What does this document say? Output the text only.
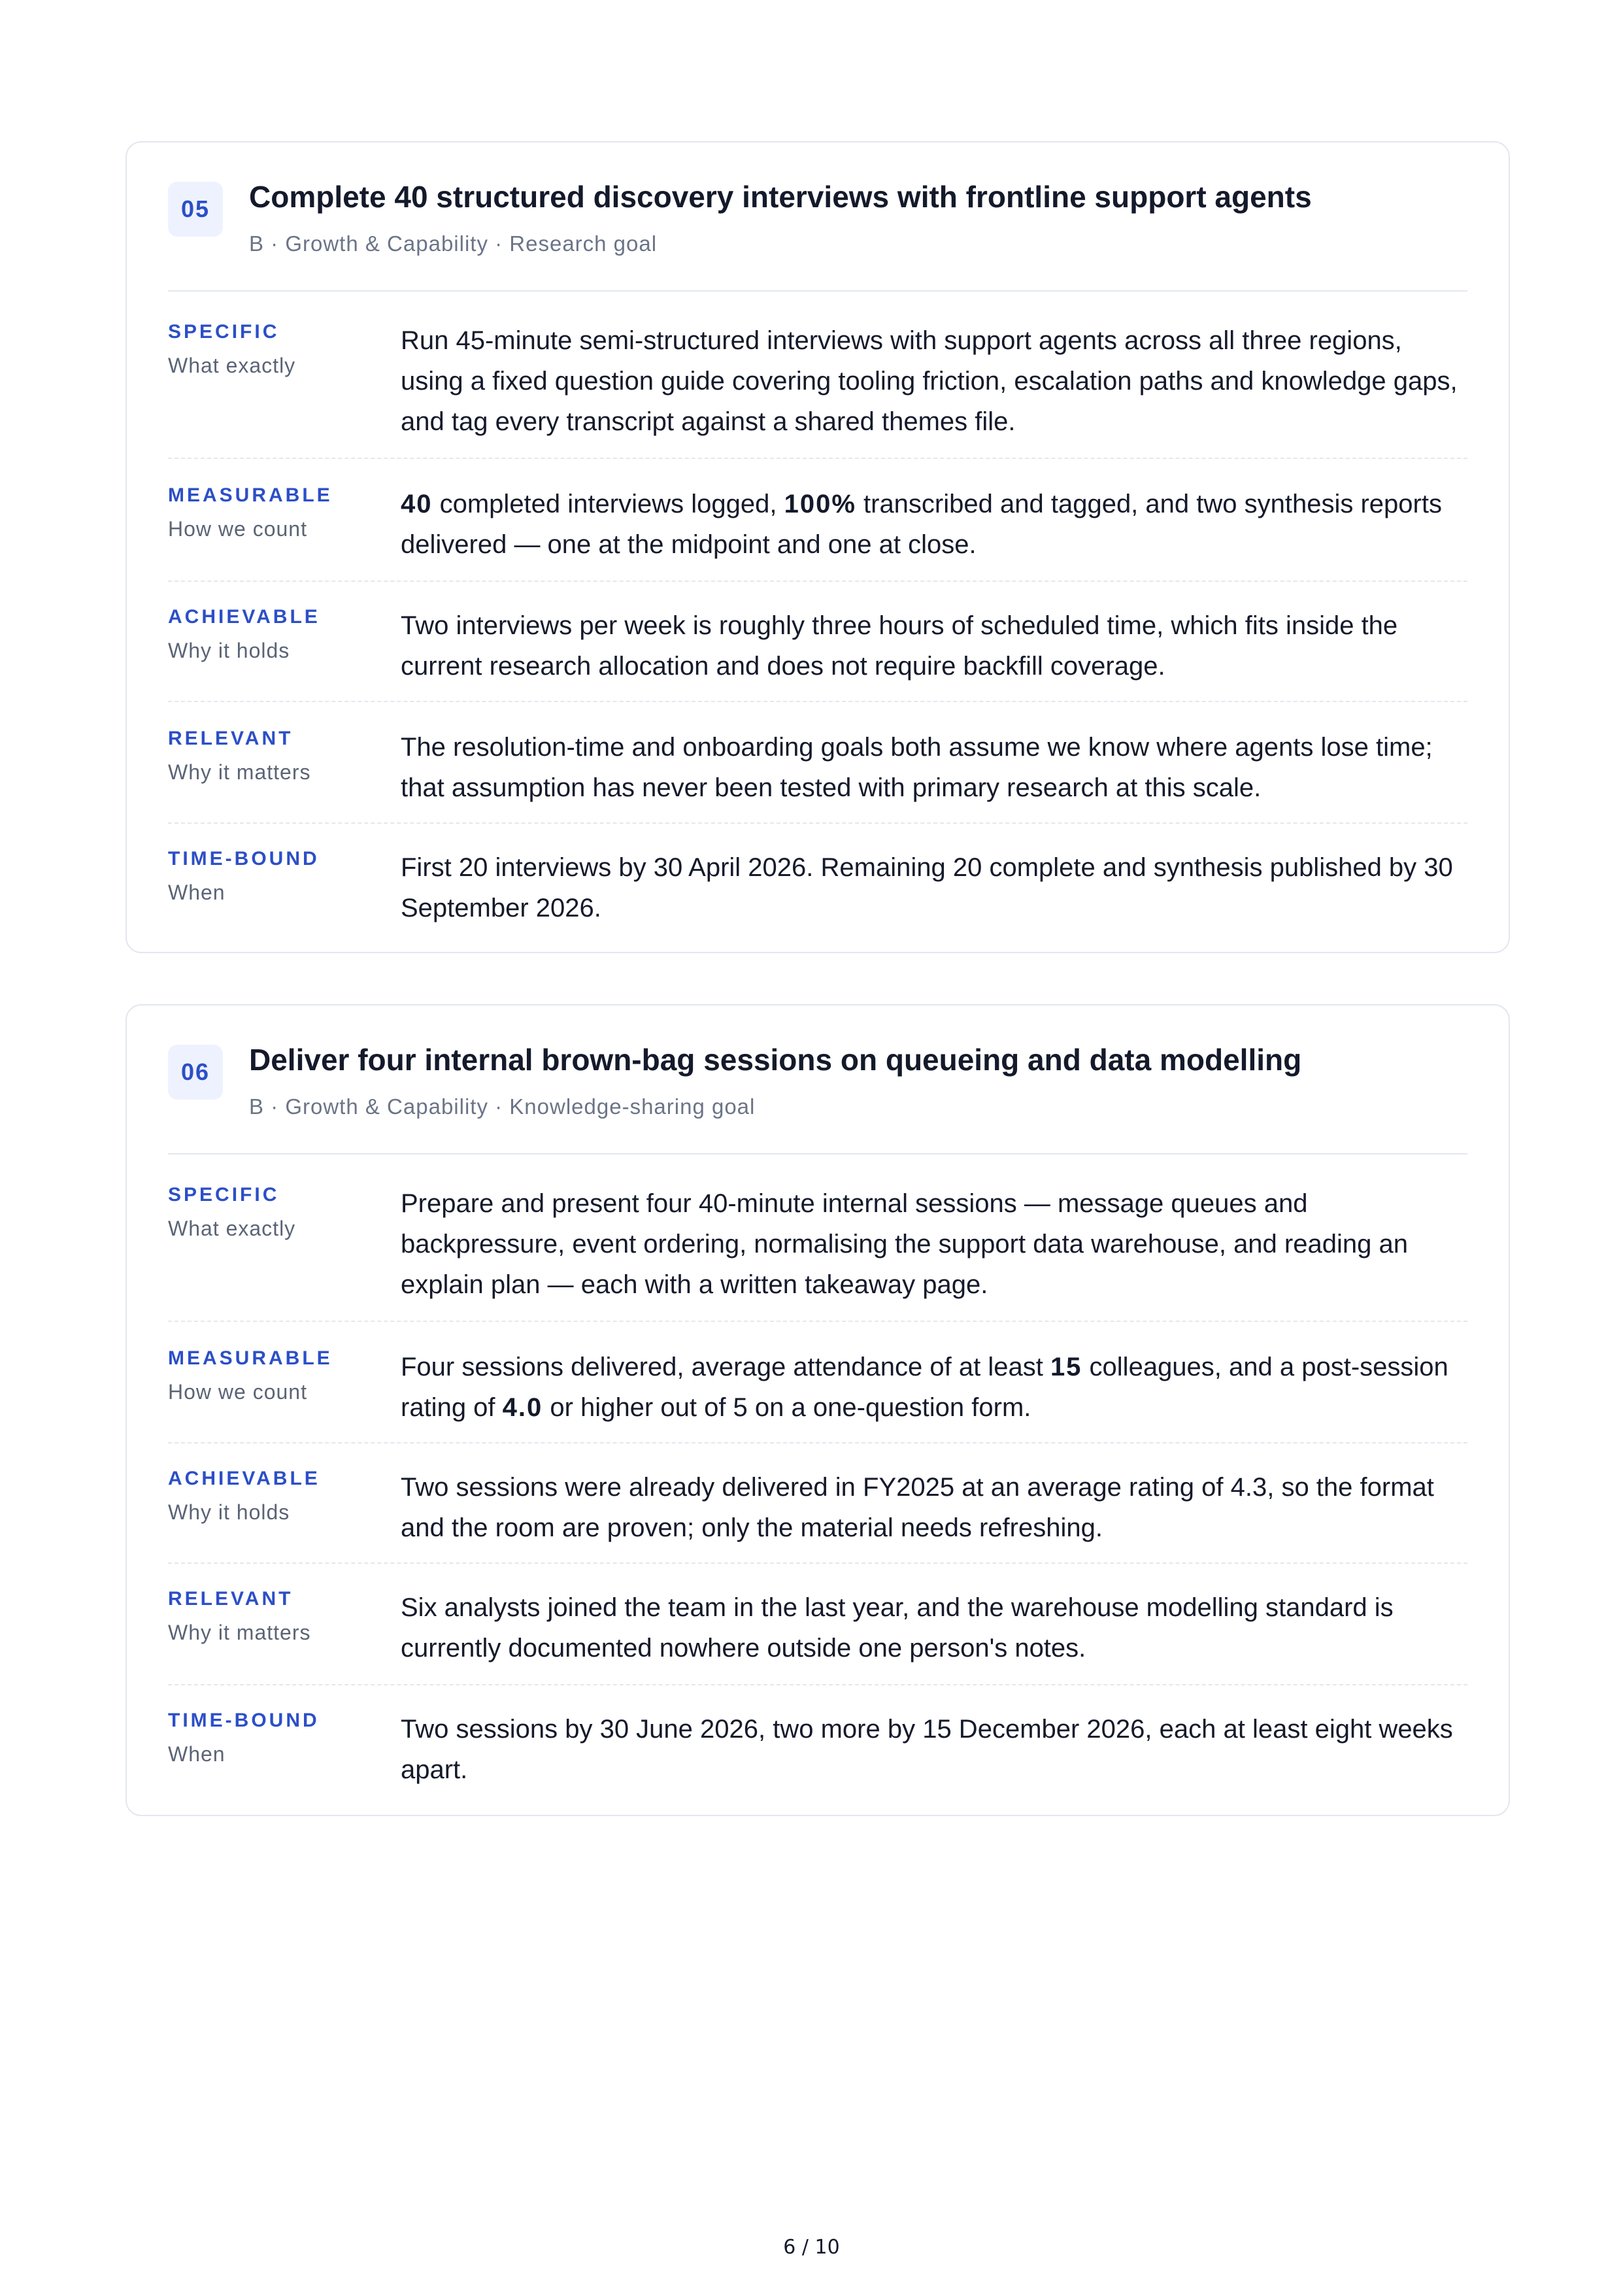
05	Complete 40 structured discovery interviews with frontline support agents
B · Growth & Capability · Research goal
SPECIFIC
What exactly
Run 45-minute semi-structured interviews with support agents across all three regions, using a fixed question guide covering tooling friction, escalation paths and knowledge gaps, and tag every transcript against a shared themes file.
MEASURABLE
How we count
40 completed interviews logged, 100% transcribed and tagged, and two synthesis reports delivered — one at the midpoint and one at close.
ACHIEVABLE
Why it holds
Two interviews per week is roughly three hours of scheduled time, which fits inside the current research allocation and does not require backfill coverage.
RELEVANT
Why it matters
The resolution-time and onboarding goals both assume we know where agents lose time; that assumption has never been tested with primary research at this scale.
TIME-BOUND
When
First 20 interviews by 30 April 2026. Remaining 20 complete and synthesis published by 30 September 2026.
06	Deliver four internal brown-bag sessions on queueing and data modelling
B · Growth & Capability · Knowledge-sharing goal
SPECIFIC
What exactly
Prepare and present four 40-minute internal sessions — message queues and backpressure, event ordering, normalising the support data warehouse, and reading an explain plan — each with a written takeaway page.
MEASURABLE
How we count
Four sessions delivered, average attendance of at least 15 colleagues, and a post-session rating of 4.0 or higher out of 5 on a one-question form.
ACHIEVABLE
Why it holds
Two sessions were already delivered in FY2025 at an average rating of 4.3, so the format and the room are proven; only the material needs refreshing.
RELEVANT
Why it matters
Six analysts joined the team in the last year, and the warehouse modelling standard is currently documented nowhere outside one person's notes.
TIME-BOUND
When
Two sessions by 30 June 2026, two more by 15 December 2026, each at least eight weeks apart.
6 / 10
